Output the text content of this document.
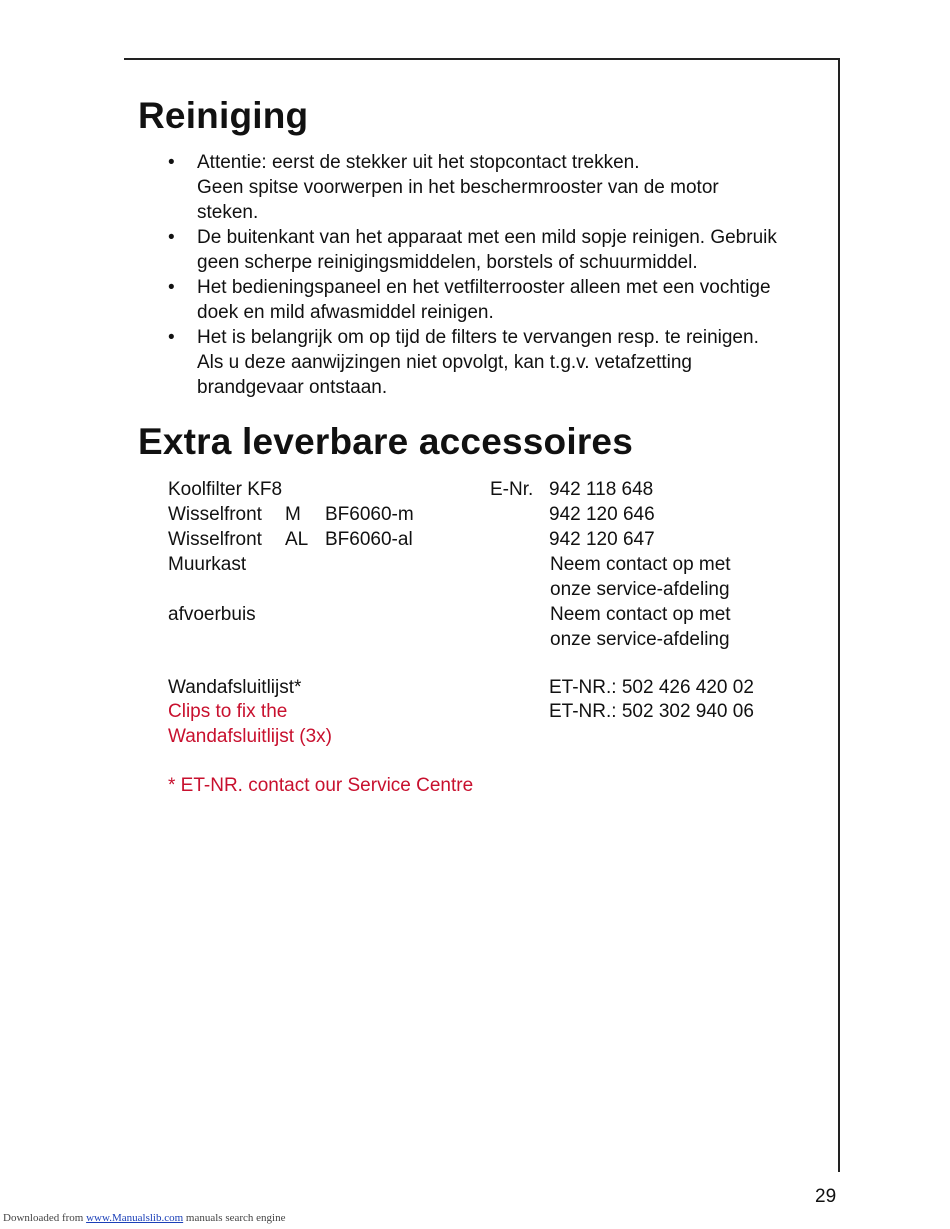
Reiniging
• Attentie: eerst de stekker uit het stopcontact trekken.
Geen spitse voorwerpen in het beschermrooster van de motor
steken.
• De buitenkant van het apparaat met een mild sopje reinigen. Gebruik
geen scherpe reinigingsmiddelen, borstels of schuurmiddel.
• Het bedieningspaneel en het vetfilterrooster alleen met een vochtige
doek en mild afwasmiddel reinigen.
• Het is belangrijk om op tijd de filters te vervangen resp. te reinigen.
Als u deze aanwijzingen niet opvolgt, kan t.g.v. vetafzetting
brandgevaar ontstaan.
Extra leverbare accessoires
Koolfilter KF8	E-Nr. 942 118 648
Wisselfront M BF6060-m	942 120 646
Wisselfront AL BF6060-al	942 120 647
Muurkast	Neem contact op met
onze service-afdeling
afvoerbuis	Neem contact op met
onze service-afdeling
Wandafsluitlijst*	ET-NR.: 502 426 420 02
Clips to fix the	ET-NR.: 502 302 940 06
Wandafsluitlijst (3x)
* ET-NR. contact our Service Centre
29
Downloaded from www.Manualslib.com manuals search engine
